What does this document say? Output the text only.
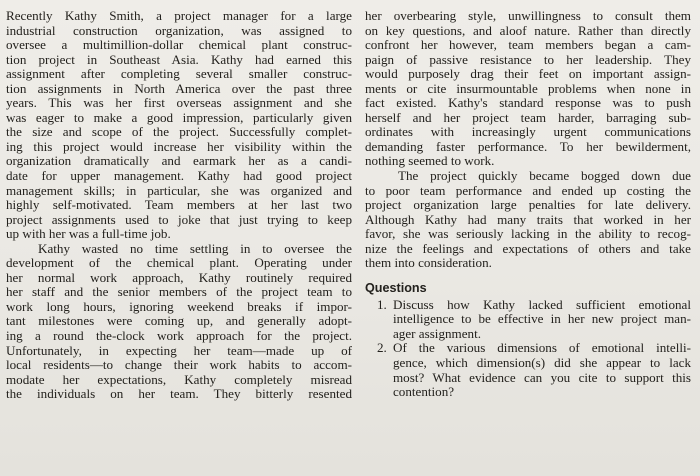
Recently Kathy Smith, a project manager for a large
industrial construction organization, was assigned to
oversee a multimillion-dollar chemical plant construc-
tion project in Southeast Asia. Kathy had earned this
assignment after completing several smaller construc-
tion assignments in North America over the past three
years. This was her first overseas assignment and she
was eager to make a good impression, particularly given
the size and scope of the project. Successfully complet-
ing this project would increase her visibility within the
organization dramatically and earmark her as a candi-
date for upper management. Kathy had good project
management skills; in particular, she was organized and
highly self-motivated. Team members at her last two
project assignments used to joke that just trying to keep
up with her was a full-time job.
Kathy wasted no time settling in to oversee the
development of the chemical plant. Operating under
her normal work approach, Kathy routinely required
her staff and the senior members of the project team to
work long hours, ignoring weekend breaks if impor-
tant milestones were coming up, and generally adopt-
ing a round the-clock work approach for the project.
Unfortunately, in expecting her team—made up of
local residents—to change their work habits to accom-
modate her expectations, Kathy completely misread
the individuals on her team. They bitterly resented
her overbearing style, unwillingness to consult them
on key questions, and aloof nature. Rather than directly
confront her however, team members began a cam-
paign of passive resistance to her leadership. They
would purposely drag their feet on important assign-
ments or cite insurmountable problems when none in
fact existed. Kathy's standard response was to push
herself and her project team harder, barraging sub-
ordinates with increasingly urgent communications
demanding faster performance. To her bewilderment,
nothing seemed to work.
The project quickly became bogged down due
to poor team performance and ended up costing the
project organization large penalties for late delivery.
Although Kathy had many traits that worked in her
favor, she was seriously lacking in the ability to recog-
nize the feelings and expectations of others and take
them into consideration.
Questions
1. Discuss how Kathy lacked sufficient emotional
intelligence to be effective in her new project man-
ager assignment.
2. Of the various dimensions of emotional intelli-
gence, which dimension(s) did she appear to lack
most? What evidence can you cite to support this
contention?
